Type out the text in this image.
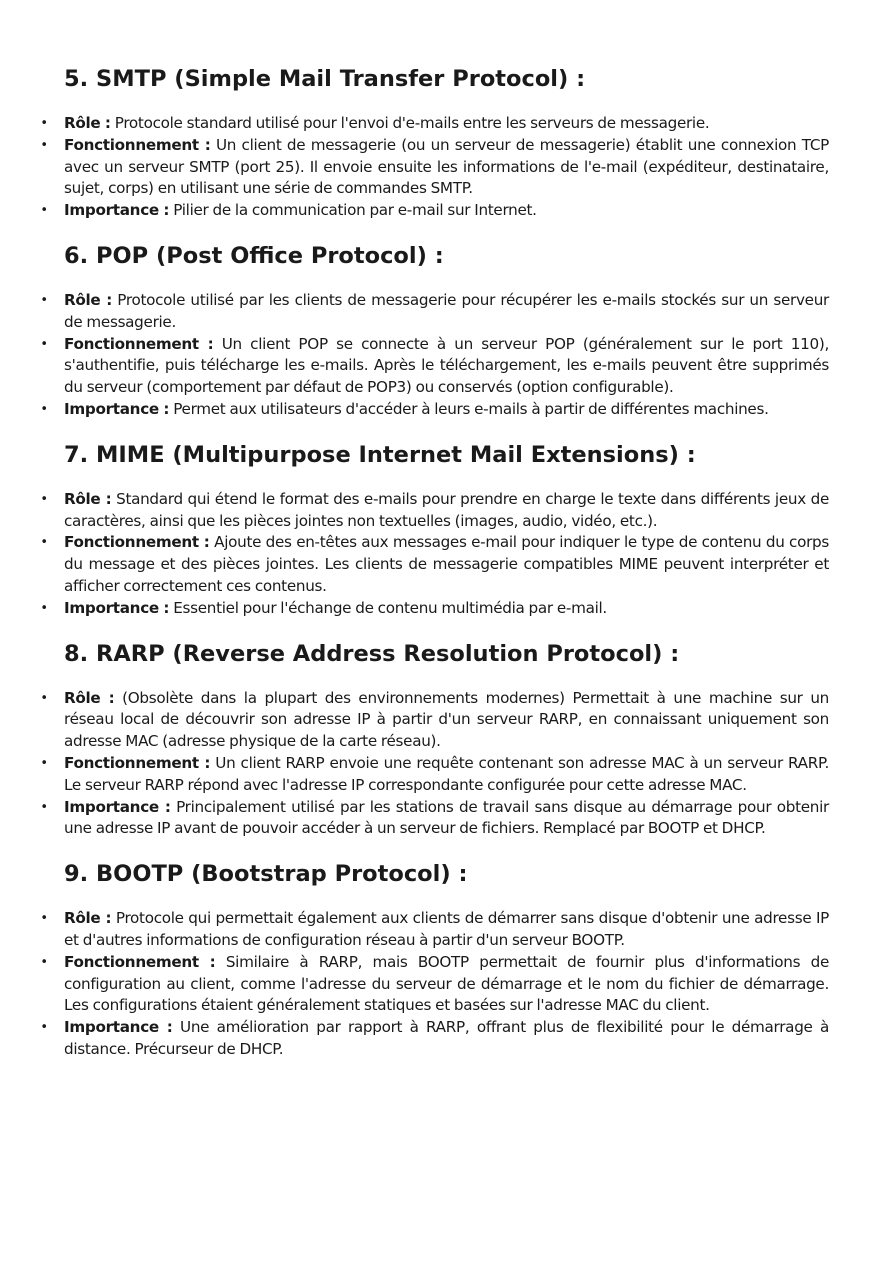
5. SMTP (Simple Mail Transfer Protocol) :
• Rôle : Protocole standard utilisé pour l'envoi d'e-mails entre les serveurs de messagerie.
• Fonctionnement : Un client de messagerie (ou un serveur de messagerie) établit une connexion TCP avec un serveur SMTP (port 25). Il envoie ensuite les informations de l'e-mail (expéditeur, destinataire, sujet, corps) en utilisant une série de commandes SMTP.
• Importance : Pilier de la communication par e-mail sur Internet.
6. POP (Post Office Protocol) :
• Rôle : Protocole utilisé par les clients de messagerie pour récupérer les e-mails stockés sur un serveur de messagerie.
• Fonctionnement : Un client POP se connecte à un serveur POP (généralement sur le port 110), s'authentifie, puis télécharge les e-mails. Après le téléchargement, les e-mails peuvent être supprimés du serveur (comportement par défaut de POP3) ou conservés (option configurable).
• Importance : Permet aux utilisateurs d'accéder à leurs e-mails à partir de différentes machines.
7. MIME (Multipurpose Internet Mail Extensions) :
• Rôle : Standard qui étend le format des e-mails pour prendre en charge le texte dans différents jeux de caractères, ainsi que les pièces jointes non textuelles (images, audio, vidéo, etc.).
• Fonctionnement : Ajoute des en-têtes aux messages e-mail pour indiquer le type de contenu du corps du message et des pièces jointes. Les clients de messagerie compatibles MIME peuvent interpréter et afficher correctement ces contenus.
• Importance : Essentiel pour l'échange de contenu multimédia par e-mail.
8. RARP (Reverse Address Resolution Protocol) :
• Rôle : (Obsolète dans la plupart des environnements modernes) Permettait à une machine sur un réseau local de découvrir son adresse IP à partir d'un serveur RARP, en connaissant uniquement son adresse MAC (adresse physique de la carte réseau).
• Fonctionnement : Un client RARP envoie une requête contenant son adresse MAC à un serveur RARP. Le serveur RARP répond avec l'adresse IP correspondante configurée pour cette adresse MAC.
• Importance : Principalement utilisé par les stations de travail sans disque au démarrage pour obtenir une adresse IP avant de pouvoir accéder à un serveur de fichiers. Remplacé par BOOTP et DHCP.
9. BOOTP (Bootstrap Protocol) :
• Rôle : Protocole qui permettait également aux clients de démarrer sans disque d'obtenir une adresse IP et d'autres informations de configuration réseau à partir d'un serveur BOOTP.
• Fonctionnement : Similaire à RARP, mais BOOTP permettait de fournir plus d'informations de configuration au client, comme l'adresse du serveur de démarrage et le nom du fichier de démarrage. Les configurations étaient généralement statiques et basées sur l'adresse MAC du client.
• Importance : Une amélioration par rapport à RARP, offrant plus de flexibilité pour le démarrage à distance. Précurseur de DHCP.
